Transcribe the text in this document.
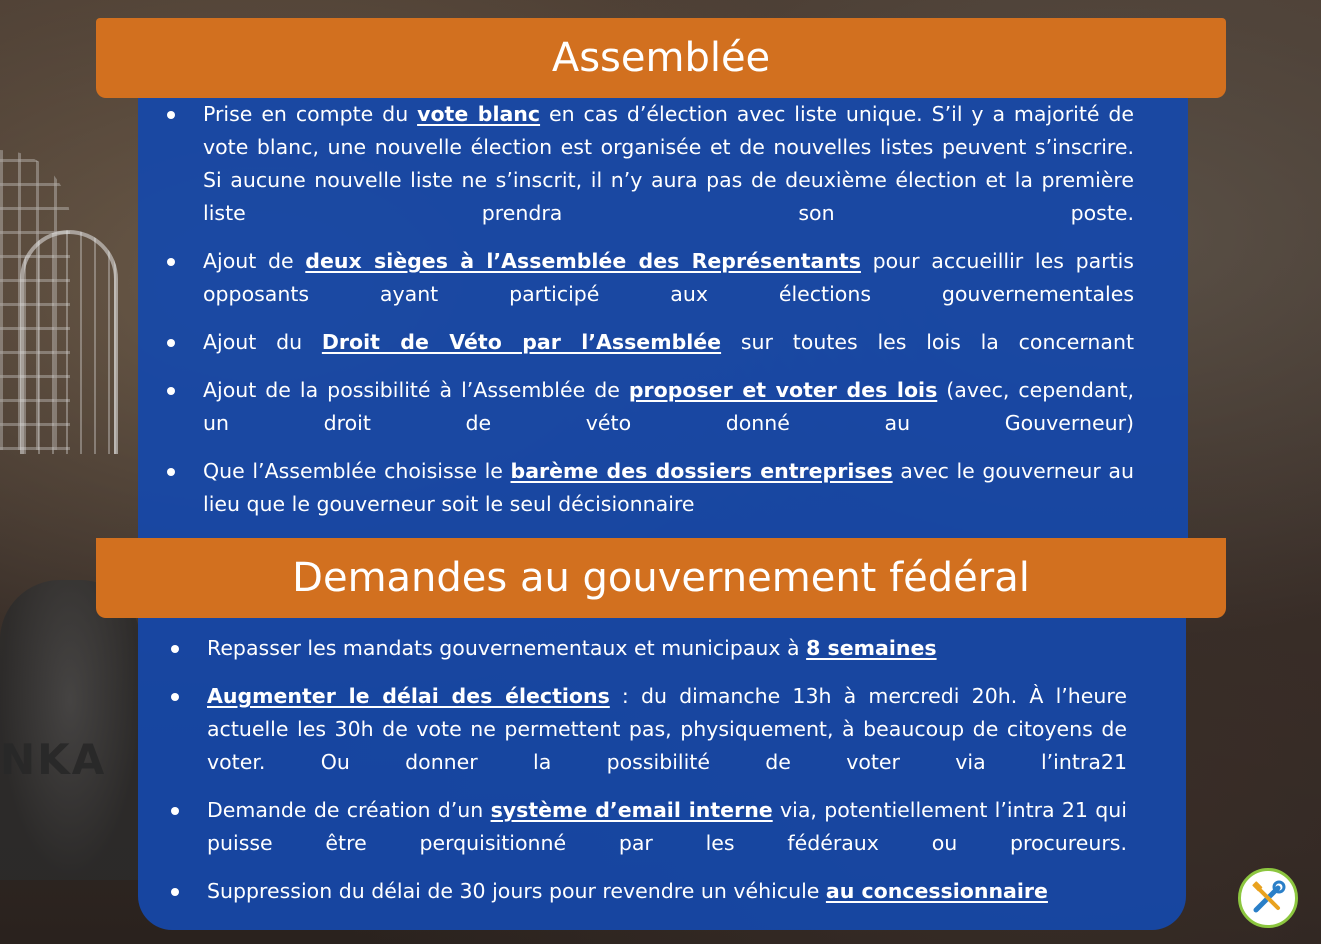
NKA
Assemblée
Prise en compte du vote blanc en cas d’élection avec liste unique. S’il y a majorité de vote blanc, une nouvelle élection est organisée et de nouvelles listes peuvent s’inscrire. Si aucune nouvelle liste ne s’inscrit, il n’y aura pas de deuxième élection et la première liste prendra son poste.
Ajout de deux sièges à l’Assemblée des Représentants pour accueillir les partis opposants ayant participé aux élections gouvernementales
Ajout du Droit de Véto par l’Assemblée sur toutes les lois la concernant
Ajout de la possibilité à l’Assemblée de proposer et voter des lois (avec, cependant, un droit de véto donné au Gouverneur)
Que l’Assemblée choisisse le barème des dossiers entreprises avec le gouverneur au lieu que le gouverneur soit le seul décisionnaire
Demandes au gouvernement fédéral
Repasser les mandats gouvernementaux et municipaux à 8 semaines
Augmenter le délai des élections : du dimanche 13h à mercredi 20h. À l’heure actuelle les 30h de vote ne permettent pas, physiquement, à beaucoup de citoyens de voter. Ou donner la possibilité de voter via l’intra21
Demande de création d’un système d’email interne via, potentiellement l’intra 21 qui puisse être perquisitionné par les fédéraux ou procureurs.
Suppression du délai de 30 jours pour revendre un véhicule au concessionnaire
